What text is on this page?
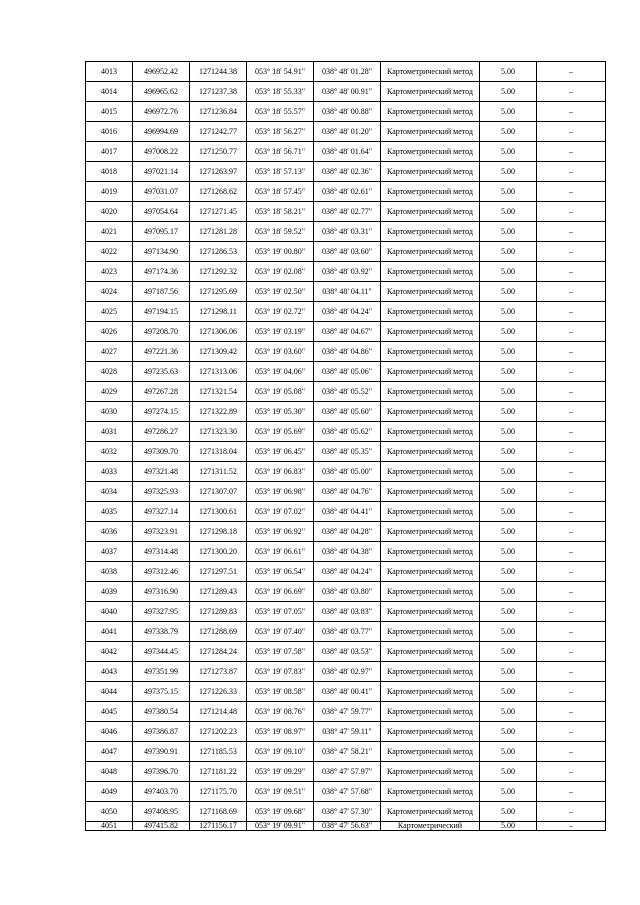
4013	496952.42	1271244.38	053° 18' 54.91"	038° 48' 01.28"	Картометрический метод	5.00	–
4014	496965.62	1271237.38	053° 18' 55.33"	038° 48' 00.91"	Картометрический метод	5.00	–
4015	496972.76	1271236.84	053° 18' 55.57"	038° 48' 00.88"	Картометрический метод	5.00	–
4016	496994.69	1271242.77	053° 18' 56.27"	038° 48' 01.20"	Картометрический метод	5.00	–
4017	497008.22	1271250.77	053° 18' 56.71"	038° 48' 01.64"	Картометрический метод	5.00	–
4018	497021.14	1271263.97	053° 18' 57.13"	038° 48' 02.36"	Картометрический метод	5.00	–
4019	497031.07	1271268.62	053° 18' 57.45"	038° 48' 02.61"	Картометрический метод	5.00	–
4020	497054.64	1271271.45	053° 18' 58.21"	038° 48' 02.77"	Картометрический метод	5.00	–
4021	497095.17	1271281.28	053° 18' 59.52"	038° 48' 03.31"	Картометрический метод	5.00	–
4022	497134.90	1271286.53	053° 19' 00.80"	038° 48' 03.60"	Картометрический метод	5.00	–
4023	497174.36	1271292.32	053° 19' 02.08"	038° 48' 03.92"	Картометрический метод	5.00	–
4024	497187.56	1271295.69	053° 19' 02.50"	038° 48' 04.11"	Картометрический метод	5.00	–
4025	497194.15	1271298.11	053° 19' 02.72"	038° 48' 04.24"	Картометрический метод	5.00	–
4026	497208.70	1271306.06	053° 19' 03.19"	038° 48' 04.67"	Картометрический метод	5.00	–
4027	497221.36	1271309.42	053° 19' 03.60"	038° 48' 04.86"	Картометрический метод	5.00	–
4028	497235.63	1271313.06	053° 19' 04.06"	038° 48' 05.06"	Картометрический метод	5.00	–
4029	497267.28	1271321.54	053° 19' 05.08"	038° 48' 05.52"	Картометрический метод	5.00	–
4030	497274.15	1271322.89	053° 19' 05.30"	038° 48' 05.60"	Картометрический метод	5.00	–
4031	497286.27	1271323.30	053° 19' 05.69"	038° 48' 05.62"	Картометрический метод	5.00	–
4032	497309.70	1271318.04	053° 19' 06.45"	038° 48' 05.35"	Картометрический метод	5.00	–
4033	497321.48	1271311.52	053° 19' 06.83"	038° 48' 05.00"	Картометрический метод	5.00	–
4034	497325.93	1271307.07	053° 19' 06.98"	038° 48' 04.76"	Картометрический метод	5.00	–
4035	497327.14	1271300.61	053° 19' 07.02"	038° 48' 04.41"	Картометрический метод	5.00	–
4036	497323.91	1271298.18	053° 19' 06.92"	038° 48' 04.28"	Картометрический метод	5.00	–
4037	497314.48	1271300.20	053° 19' 06.61"	038° 48' 04.38"	Картометрический метод	5.00	–
4038	497312.46	1271297.51	053° 19' 06.54"	038° 48' 04.24"	Картометрический метод	5.00	–
4039	497316.90	1271289.43	053° 19' 06.69"	038° 48' 03.80"	Картометрический метод	5.00	–
4040	497327.95	1271289.83	053° 19' 07.05"	038° 48' 03.83"	Картометрический метод	5.00	–
4041	497338.79	1271288.69	053° 19' 07.40"	038° 48' 03.77"	Картометрический метод	5.00	–
4042	497344.45	1271284.24	053° 19' 07.58"	038° 48' 03.53"	Картометрический метод	5.00	–
4043	497351.99	1271273.87	053° 19' 07.83"	038° 48' 02.97"	Картометрический метод	5.00	–
4044	497375.15	1271226.33	053° 19' 08.58"	038° 48' 00.41"	Картометрический метод	5.00	–
4045	497380.54	1271214.48	053° 19' 08.76"	038° 47' 59.77"	Картометрический метод	5.00	–
4046	497386.87	1271202.23	053° 19' 08.97"	038° 47' 59.11"	Картометрический метод	5.00	–
4047	497390.91	1271185.53	053° 19' 09.10"	038° 47' 58.21"	Картометрический метод	5.00	–
4048	497396.70	1271181.22	053° 19' 09.29"	038° 47' 57.97"	Картометрический метод	5.00	–
4049	497403.70	1271175.70	053° 19' 09.51"	038° 47' 57.68"	Картометрический метод	5.00	–
4050	497408.95	1271168.69	053° 19' 09.68"	038° 47' 57.30"	Картометрический метод	5.00	–
4051	497415.82	1271156.17	053° 19' 09.91"	038° 47' 56.63"	Картометрический	5.00	–
